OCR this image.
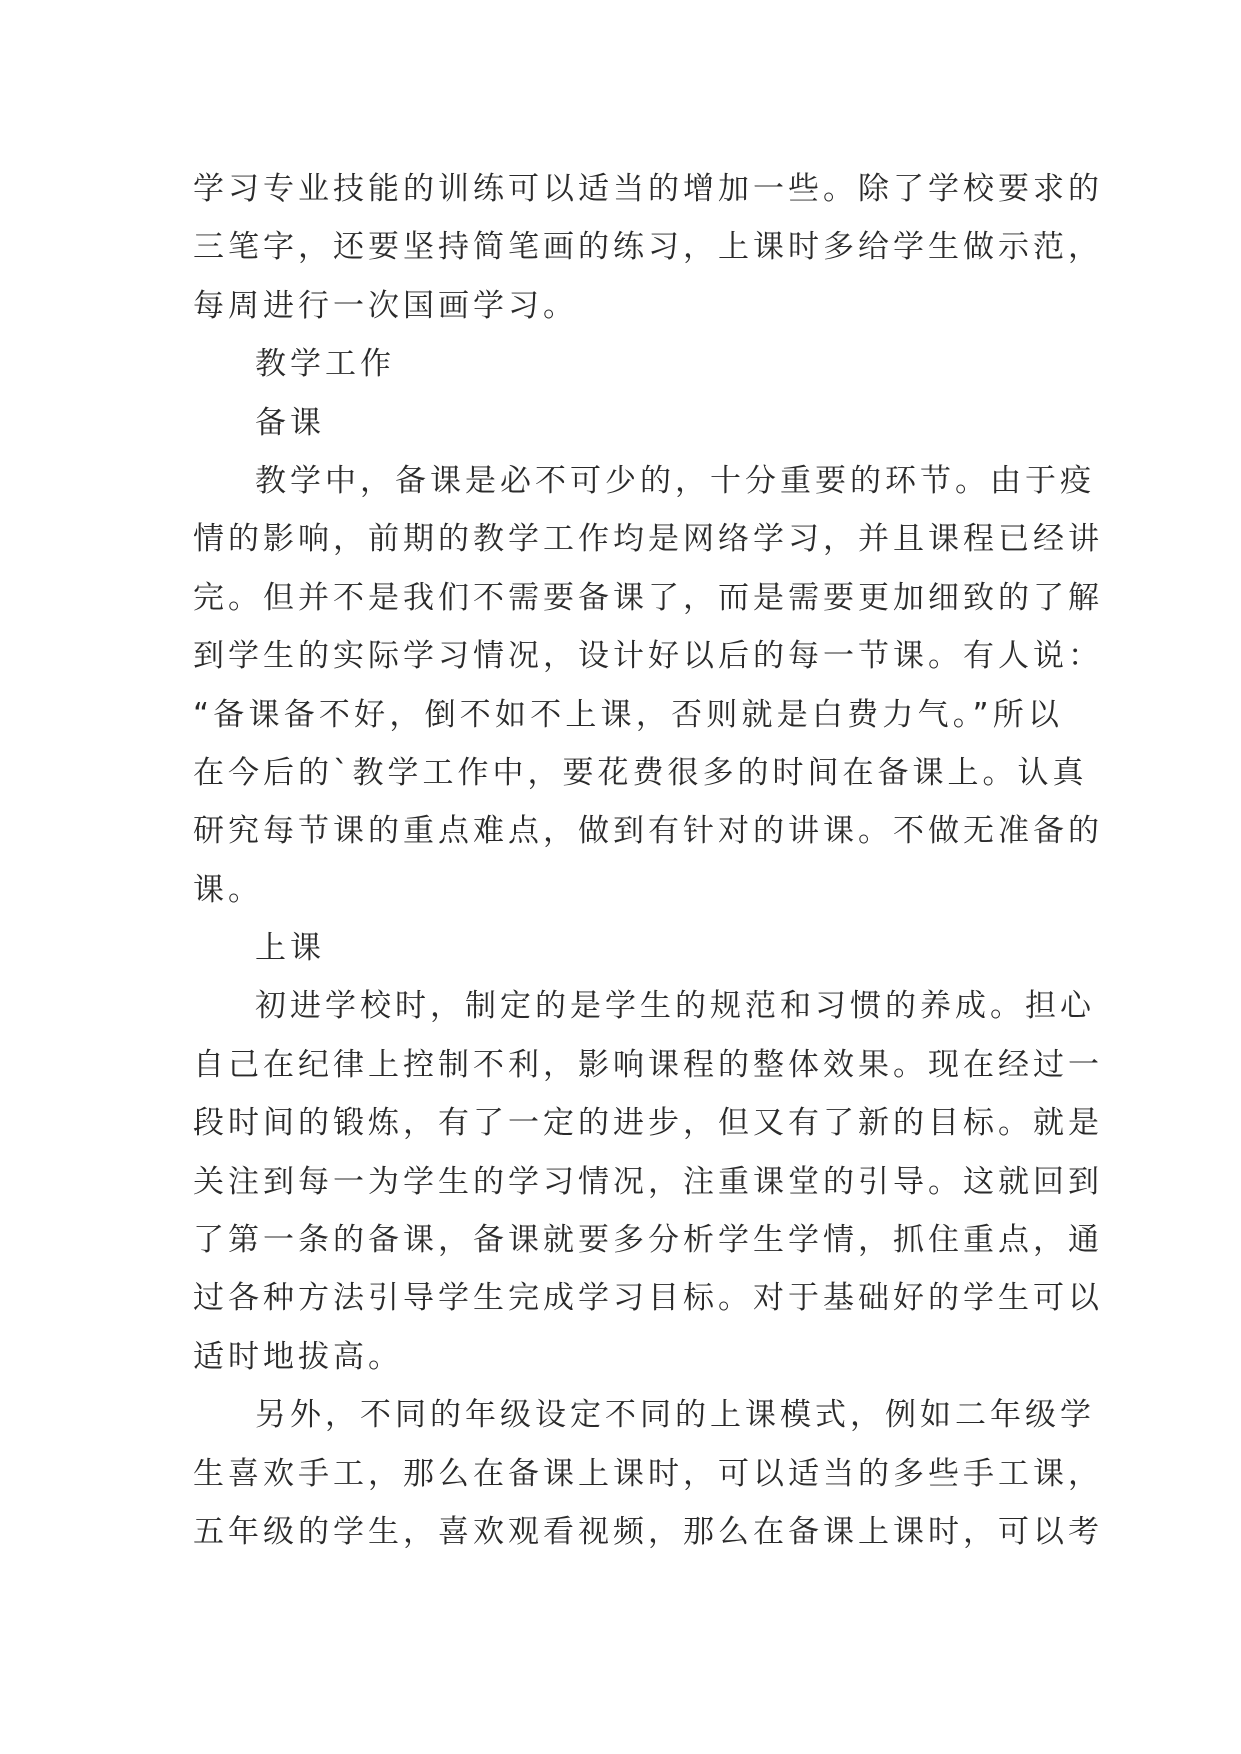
学习专业技能的训练可以适当的增加一些。除了学校要求的
三笔字，还要坚持简笔画的练习，上课时多给学生做示范，
每周进行一次国画学习。
教学工作
备课
教学中，备课是必不可少的，十分重要的环节。由于疫
情的影响，前期的教学工作均是网络学习，并且课程已经讲
完。但并不是我们不需要备课了，而是需要更加细致的了解
到学生的实际学习情况，设计好以后的每一节课。有人说：
“备课备不好，倒不如不上课，否则就是白费力气。”所以
在今后的`教学工作中，要花费很多的时间在备课上。认真
研究每节课的重点难点，做到有针对的讲课。不做无准备的
课。
上课
初进学校时，制定的是学生的规范和习惯的养成。担心
自己在纪律上控制不利，影响课程的整体效果。现在经过一
段时间的锻炼，有了一定的进步，但又有了新的目标。就是
关注到每一为学生的学习情况，注重课堂的引导。这就回到
了第一条的备课，备课就要多分析学生学情，抓住重点，通
过各种方法引导学生完成学习目标。对于基础好的学生可以
适时地拔高。
另外，不同的年级设定不同的上课模式，例如二年级学
生喜欢手工，那么在备课上课时，可以适当的多些手工课，
五年级的学生，喜欢观看视频，那么在备课上课时，可以考
